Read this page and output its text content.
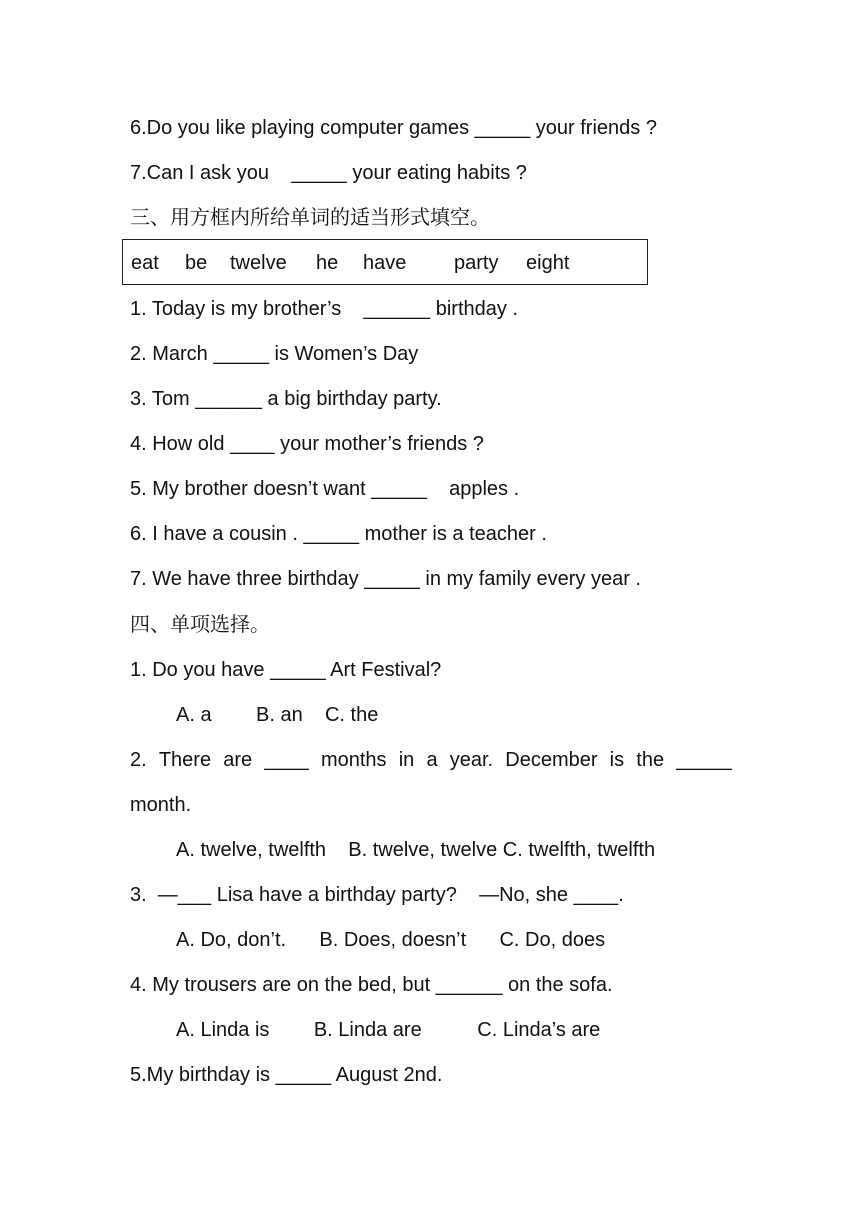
6.Do you like playing computer games _____ your friends ?
7.Can I ask you    _____ your eating habits ?
三、用方框内所给单词的适当形式填空。
eat be twelve he have party eight
1. Today is my brother’s    ______ birthday .
2. March _____ is Women’s Day
3. Tom ______ a big birthday party.
4. How old ____ your mother’s friends ?
5. My brother doesn’t want _____    apples .
6. I have a cousin . _____ mother is a teacher .
7. We have three birthday _____ in my family every year .
四、单项选择。
1. Do you have _____ Art Festival?
A. a        B. an    C. the
2. There are ____ months in a year. December is the _____
month.
A. twelve, twelfth    B. twelve, twelve C. twelfth, twelfth
3.  —___ Lisa have a birthday party?    —No, she ____.
A. Do, don’t.      B. Does, doesn’t      C. Do, does
4. My trousers are on the bed, but ______ on the sofa.
A. Linda is        B. Linda are          C. Linda’s are
5.My birthday is _____ August 2nd.
